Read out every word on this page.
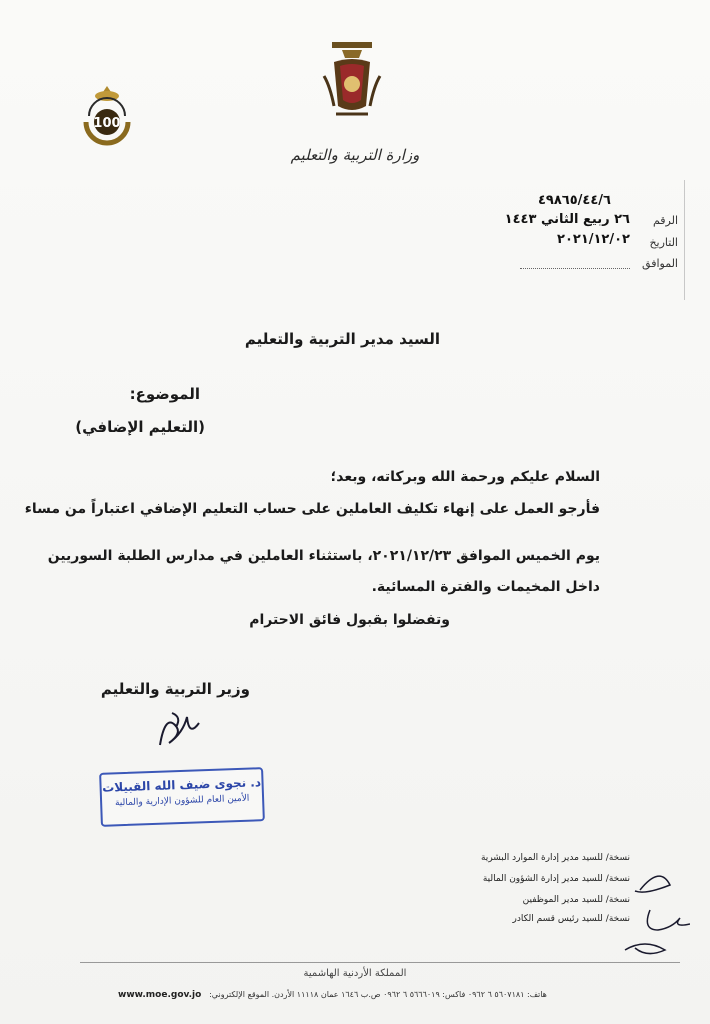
100
وزارة التربية والتعليم
٤٩٨٦٥/٤٤/٦
الرقم
٢٦ ربيع الثاني ١٤٤٣
التاريخ
٢٠٢١/١٢/٠٢
الموافق
السيد مدير التربية والتعليم
الموضوع:
(التعليم الإضافي)
السلام عليكم ورحمة الله وبركاته، وبعد؛
فأرجو العمل على إنهاء تكليف العاملين على حساب التعليم الإضافي اعتباراً من مساء
يوم الخميس الموافق ٢٠٢١/١٢/٢٣، باستثناء العاملين في مدارس الطلبة السوريين
داخل المخيمات والفترة المسائية.
وتفضلوا بقبول فائق الاحترام
وزير التربية والتعليم
د. نجوى ضيف الله القبيلات
الأمين العام للشؤون الإدارية والمالية
نسخة/ للسيد مدير إدارة الموارد البشرية
نسخة/ للسيد مدير إدارة الشؤون المالية
نسخة/ للسيد مدير الموظفين
نسخة/ للسيد رئيس قسم الكادر
المملكة الأردنية الهاشمية
هاتف: ٥٦٠٧١٨١ ٦ ٠٩٦٢ فاكس: ٥٦٦٦٠١٩ ٦ ٠٩٦٢ ص.ب ١٦٤٦ عمان ١١١١٨ الأردن. الموقع الإلكتروني:
www.moe.gov.jo
